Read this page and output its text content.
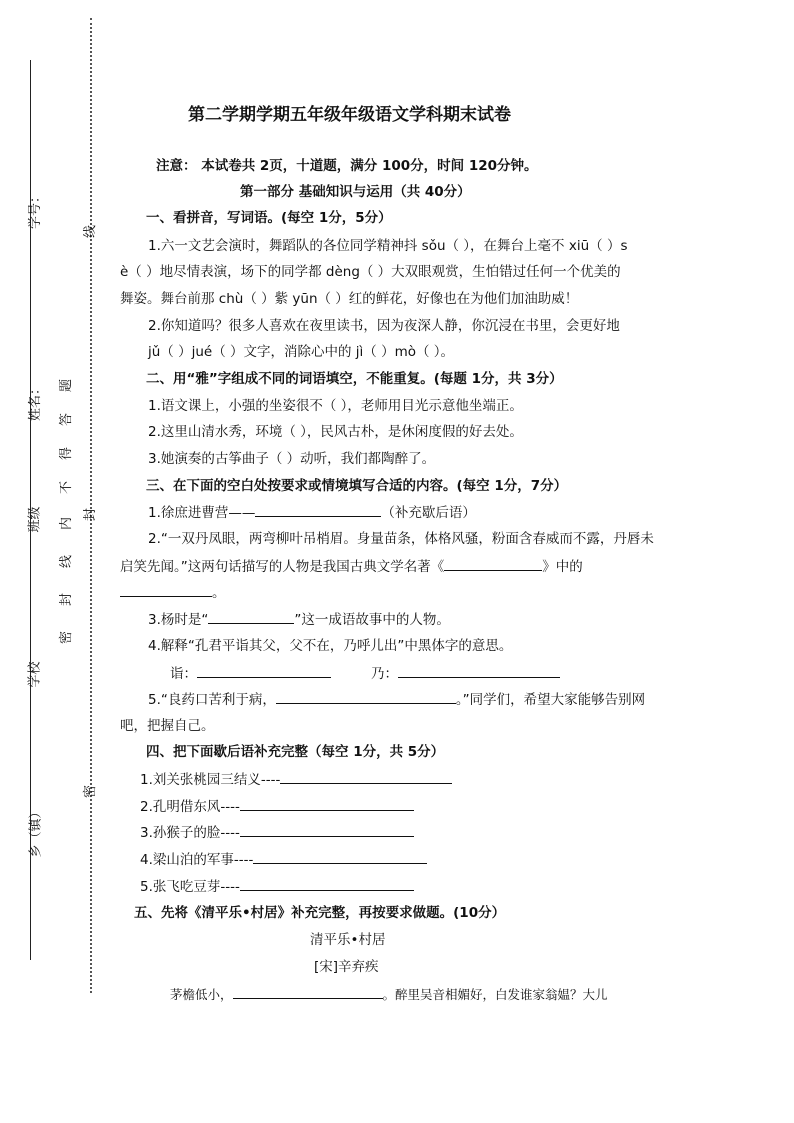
学号：
姓名：
班级
学校
乡（镇）
线
封
密
题
答
得
不
内
线
封
密
第二学期学期五年级年级语文学科期末试卷
注意： 本试卷共 2页，十道题，满分 100分，时间 120分钟。
第一部分 基础知识与运用（共 40分）
一、看拼音，写词语。(每空 1分，5分）
1.六一文艺会演时，舞蹈队的各位同学精神抖 sǒu（ ），在舞台上毫不 xiū（ ）s
è（ ）地尽情表演，场下的同学都 dèng（ ）大双眼观赏，生怕错过任何一个优美的
舞姿。舞台前那 chù（ ）紫 yūn（ ）红的鲜花，好像也在为他们加油助威！
2.你知道吗？很多人喜欢在夜里读书，因为夜深人静，你沉浸在书里，会更好地
jǔ（ ）jué（ ）文字，消除心中的 jì（ ）mò（ ）。
二、用“雅”字组成不同的词语填空，不能重复。(每题 1分，共 3分）
1.语文课上，小强的坐姿很不（ ），老师用目光示意他坐端正。
2.这里山清水秀，环境（ ），民风古朴，是休闲度假的好去处。
3.她演奏的古筝曲子（ ）动听，我们都陶醉了。
三、在下面的空白处按要求或情境填写合适的内容。(每空 1分，7分）
1.徐庶进曹营——	（补充歇后语）
2.“一双丹凤眼，两弯柳叶吊梢眉。身量苗条，体格风骚，粉面含春威而不露，丹唇未
启笑先闻。”这两句话描写的人物是我国古典文学名著《	》中的
。
3.杨时是“	”这一成语故事中的人物。
4.解释“孔君平诣其父，父不在，乃呼儿出”中黑体字的意思。
诣：	乃：
5.“良药口苦利于病，	。”同学们，希望大家能够告别网
吧，把握自己。
四、把下面歇后语补充完整（每空 1分，共 5分）
1.刘关张桃园三结义----
2.孔明借东风----
3.孙猴子的脸----
4.梁山泊的军事----
5.张飞吃豆芽----
五、先将《清平乐•村居》补充完整，再按要求做题。(10分）
清平乐•村居
[宋]辛弃疾
茅檐低小，	。醉里吴音相媚好，白发谁家翁媪？大儿
